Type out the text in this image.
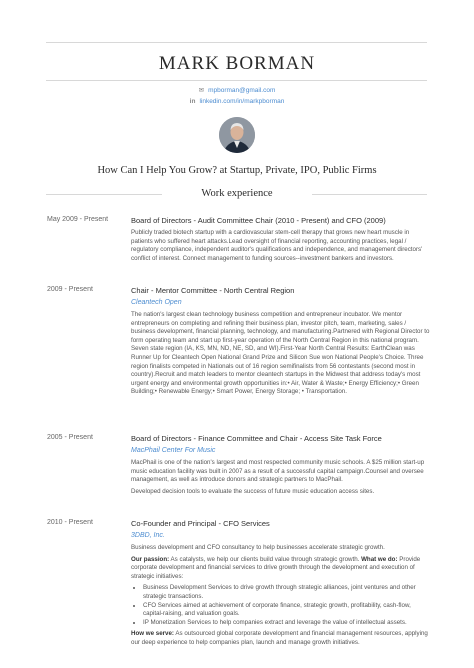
MARK BORMAN
✉ mpborman@gmail.com
in linkedin.com/in/markpborman
How Can I Help You Grow? at Startup, Private, IPO, Public Firms
Work experience
May 2009 - Present	Board of Directors - Audit Committee Chair (2010 - Present) and CFO (2009)

Publicly traded biotech startup with a cardiovascular stem-cell therapy that grows new heart muscle in patients who suffered heart attacks.Lead oversight of financial reporting, accounting practices, legal / regulatory compliance, independent auditor's qualifications and independence, and management directors' conflict of interest. Connect management to funding sources--investment bankers and investors.

2009 - Present	Chair - Mentor Committee - North Central Region
Cleantech Open

The nation's largest clean technology business competition and entrepreneur incubator. We mentor entrepreneurs on completing and refining their business plan, investor pitch, team, marketing, sales / business development, financial planning, technology, and manufacturing.Partnered with Regional Director to form operating team and start up first-year operation of the North Central Region in this national program. Seven state region (IA, KS, MN, ND, NE, SD, and WI).First-Year North Central Results: EarthClean was Runner Up for Cleantech Open National Grand Prize and Silicon Sue won National People's Choice. Three region finalists competed in Nationals out of 16 region semifinalists from 56 contestants (second most in country).Recruit and match leaders to mentor cleantech startups in the Midwest that address today's most urgent energy and environmental growth opportunities in:• Air, Water & Waste;• Energy Efficiency;• Green Building;• Renewable Energy;• Smart Power, Energy Storage; • Transportation.

2005 - Present	Board of Directors - Finance Committee and Chair - Access Site Task Force
MacPhail Center For Music

MacPhail is one of the nation's largest and most respected community music schools. A $25 million start-up music education facility was built in 2007 as a result of a successful capital campaign.Counsel and oversee management, as well as introduce donors and strategic partners to MacPhail.

Developed decision tools to evaluate the success of future music education access sites.

2010 - Present	Co-Founder and Principal - CFO Services
3DBD, Inc.

Business development and CFO consultancy to help businesses accelerate strategic growth.

Our passion: As catalysts, we help our clients build value through strategic growth. What we do: Provide corporate development and financial services to drive growth through the development and execution of strategic initiatives:

• Business Development Services to drive growth through strategic alliances, joint ventures and other strategic transactions.
• CFO Services aimed at achievement of corporate finance, strategic growth, profitability, cash-flow, capital-raising, and valuation goals.
• IP Monetization Services to help companies extract and leverage the value of intellectual assets.

How we serve: As outsourced global corporate development and financial management resources, applying our deep experience to help companies plan, launch and manage growth initiatives.
